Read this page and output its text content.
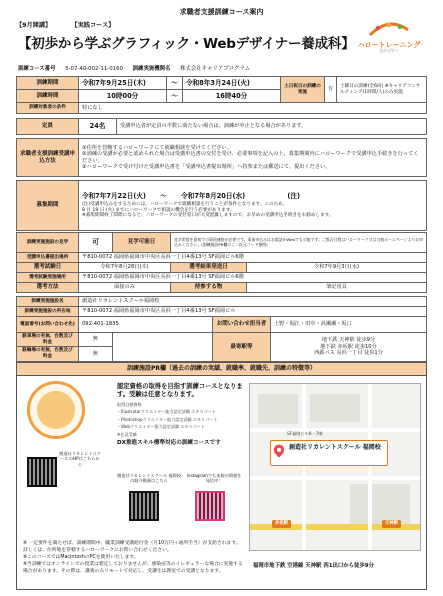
求職者支援訓練コース案内
【9月開講】	【実践コース】
【初歩から学ぶグラフィック・Webデザイナー養成科】 ハロートレーニング
急がば学べ
訓練コース番号 5-07-40-002-11-0160 訓練実施機関名 株式会社キャリアプログラム
訓練期間	令和7年9月25日(木)	～	令和8年3月24日(火)	土日祝日の訓練の実施	有	土曜日の訓練(全6回) ※キャリアコンサルティング(1時間/人)のみ実施
訓練時間	10時00分	～	16時40分			
訓練対象者の条件	特になし					
定員	24名	受講申込者が定員の半数に満たない場合は、訓練が中止となる場合があります。
求職者支援訓練受講申込方法	
①住所を管轄するハローワークにて就職相談を受けてください。
②訓練の受講が必要と認められた場合は受講申込書の交付を受け、必要事項を記入の上、募集期間内にハローワークで受講申込手続きを行ってください。
③ハローワークで受け付けた受講申込書を「受講申込書提出場所」へ持参または郵送にて、提出ください。
募集期間	
令和7年7月22日(火) ～ 令和7年8月20日(水)	(注)
(注)受講申込みをするためには、ハローワークで就職相談を行うことが条件となります。このため、
8 月 19 日 (火) までにハローワークで相談の機会を行う必要があります。
※募集期間終了間際になると、ハローワークの受付窓口が大変混雑しますので、お早めの受講申込手続きをお勧めします。
訓練実施施設の見学	可	見学可能日	見学希望を最初での事前連絡が必要です。事前申込みはお電話かWebでも可能です。ご都合日程はハローワーク又は当校ホームページよりお申込みください。(訓練施設PR欄のこ二次元コード参照)	
受講申込書提出場所	〒810-0072 福岡県福岡市中央区長浜一丁目4番13号 SF福岡ビル6階			
選考試験日	令和7年8月28日(木)		選考結果発送日	令和7年9月3日(水)
選考試験実施場所	〒810-0072 福岡県福岡市中央区長浜一丁目4番13号 SF福岡ビル6階			
選考方法	面接のみ		持参する物	筆記用具
訓練実施施設名	創造社リカレントスクール福岡校			
訓練実施施設の所在地	〒810-0072 福岡県福岡市中央区長浜一丁目4番13号 SF福岡ビル			
電話番号(お問い合わせ先)	092-401-1835		お問い合わせ担当者	上野・堀江・田中・浜瀬瀬・坂口
駐車場の有無、台数及び料金	無		最寄駅等	地下鉄 天神駅 徒歩9分
地下鉄 赤坂駅 徒歩10分
西鉄バス 長浜一丁目 徒歩1分

駐輪場の有無、台数及び料金	無			
訓練施設PR欄（過去の訓練の実績、就職率、就職先、訓練の特徴等）
創造社リカレントスクールのHPはこちらから
認定資格の取得を目指す訓練コースとなります。受験は任意となります。
取得目標資格
・Illustratorクリエイター能力認定試験 エキスパート
・Photoshopクリエイター能力認定試験 エキスパート
・Webクリエイター能力認定試験 エキスパート
※任意受験
DX推進スキル標準対応の訓練コースです
創造社リカレントスクール 福岡校の紹介動画はこちら
instagramでも本校の情報を発信中！
※ 一定要件を満たせば、訓練期間中、職業訓練受講給付金（月10万円＋通所手当）が支給されます。詳しくは、住所地を管轄するハローワークにお問い合わせください。
※このコースではMacintoshのPCを使用いたします。
※当訓練ではオンラインでの授業は想定しておりませんが、感染症等のイレギュラーな場合に実施する場合があります。その際は、講義のみリモートで対応し、受講生は教室での受講となります。
SF福岡ビル6・7階
創造社リカレントスクール 福岡校
赤坂駅	天神駅
福岡市地下鉄 空港線 天神駅 西1出口から徒歩9分
